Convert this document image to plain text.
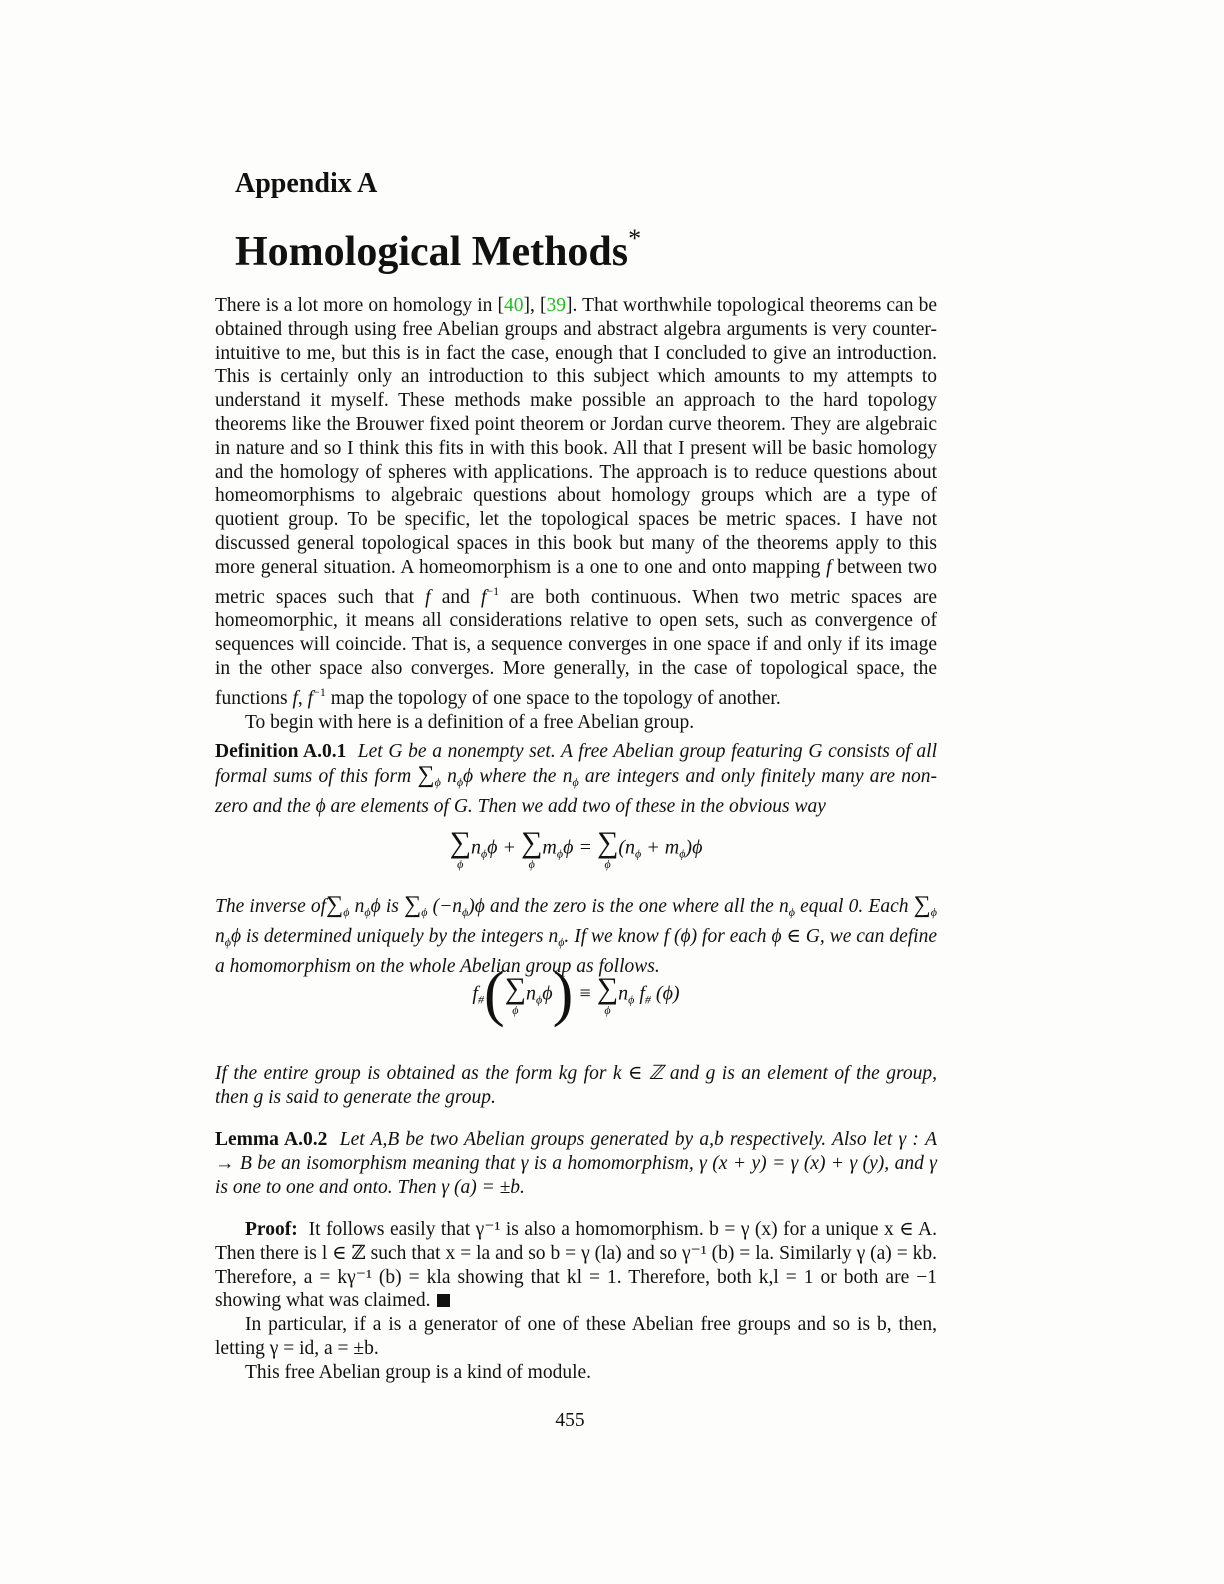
Appendix A
Homological Methods*

There is a lot more on homology in [40], [39]. That worthwhile topological theorems can be obtained through using free Abelian groups and abstract algebra arguments is very counter-intuitive to me, but this is in fact the case, enough that I concluded to give an introduction. This is certainly only an introduction to this subject which amounts to my attempts to understand it myself. These methods make possible an approach to the hard topology theorems like the Brouwer fixed point theorem or Jordan curve theorem. They are algebraic in nature and so I think this fits in with this book. All that I present will be basic homology and the homology of spheres with applications. The approach is to reduce questions about homeomorphisms to algebraic questions about homology groups which are a type of quotient group. To be specific, let the topological spaces be metric spaces. I have not discussed general topological spaces in this book but many of the theorems apply to this more general situation. A homeomorphism is a one to one and onto mapping f between two metric spaces such that f and $f^{-1}$ are both continuous. When two metric spaces are homeomorphic, it means all considerations relative to open sets, such as convergence of sequences will coincide. That is, a sequence converges in one space if and only if its image in the other space also converges. More generally, in the case of topological space, the functions f, $f^{-1}$ map the topology of one space to the topology of another.

To begin with here is a definition of a free Abelian group.

Definition A.0.1 Let G be a nonempty set. A free Abelian group featuring G consists of all formal sums of this form $\sum_\phi$ $n_\phi\phi$ where the $n_\phi$ are integers and only finitely many are non-zero and the ϕ are elements of G. Then we add two of these in the obvious way

∑
ϕ
$n_\phi\phi$ + ∑
ϕ
$m_\phi\phi$ = ∑
ϕ
$(n_\phi + m_\phi)\phi$

The inverse $of\sum_\phi$ $n_\phi\phi$ is $\sum_\phi$ $(-n_\phi)\phi$ and the zero is the one where all the $n_\phi$ equal 0. Each $\sum_\phi$ $n_\phi\phi$ is determined uniquely by the integers $n_\phi$. If we know f (ϕ) for each ϕ ∈ G, we can define a homomorphism on the whole Abelian group as follows.

$f_{\#}$( ∑
ϕ
$n_\phi\phi$) ≡ ∑
ϕ
$n_\phi$ $f_{\#}$ (ϕ)

If the entire group is obtained as the form kg for k ∈ ℤ and g is an element of the group, then g is said to generate the group.

Lemma A.0.2 Let A,B be two Abelian groups generated by a,b respectively. Also let γ : A → B be an isomorphism meaning that γ is a homomorphism, γ (x + y) = γ (x) + γ (y), and γ is one to one and onto. Then γ (a) = ±b.

Proof: It follows easily that γ⁻¹ is also a homomorphism. b = γ (x) for a unique x ∈ A. Then there is l ∈ ℤ such that x = la and so b = γ (la) and so γ⁻¹ (b) = la. Similarly γ (a) = kb. Therefore, a = kγ⁻¹ (b) = kla showing that kl = 1. Therefore, both k,l = 1 or both are −1 showing what was claimed.

In particular, if a is a generator of one of these Abelian free groups and so is b, then, letting γ = id, a = ±b.

This free Abelian group is a kind of module.

455
